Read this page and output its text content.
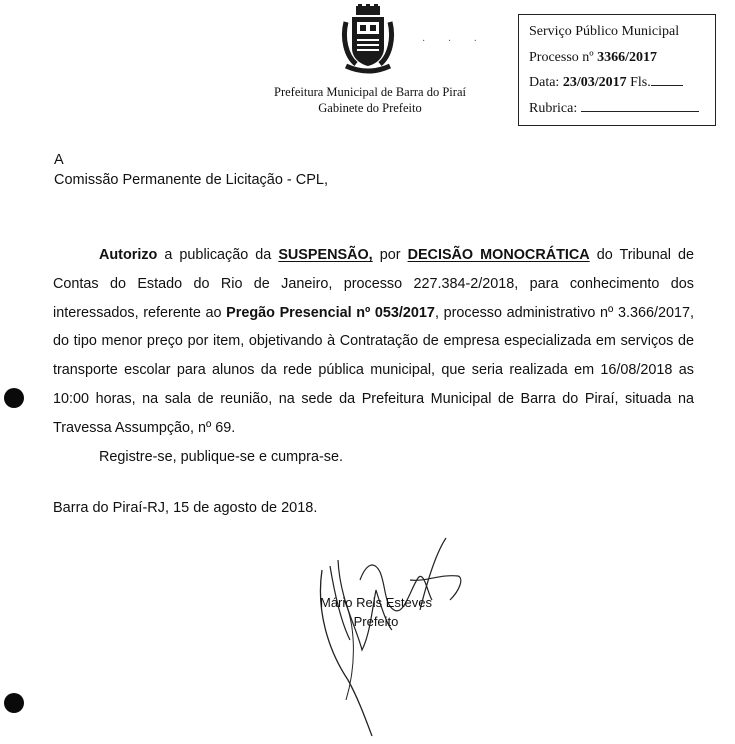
· · ·
Prefeitura Municipal de Barra do Piraí
Gabinete do Prefeito
Serviço Público Municipal
Processo nº 3366/2017
Data: 23/03/2017 Fls.
Rubrica:
A
Comissão Permanente de Licitação - CPL,

Autorizo a publicação da SUSPENSÃO, por DECISÃO MONOCRÁTICA do Tribunal de Contas do Estado do Rio de Janeiro, processo 227.384-2/2018, para conhecimento dos interessados, referente ao Pregão Presencial nº 053/2017, processo administrativo nº 3.366/2017, do tipo menor preço por item, objetivando à Contratação de empresa especializada em serviços de transporte escolar para alunos da rede pública municipal, que seria realizada em 16/08/2018 as 10:00 horas, na sala de reunião, na sede da Prefeitura Municipal de Barra do Piraí, situada na Travessa Assumpção, nº 69.

Registre-se, publique-se e cumpra-se.

Barra do Piraí-RJ, 15 de agosto de 2018.
Mário Reis Esteves
Prefeito
